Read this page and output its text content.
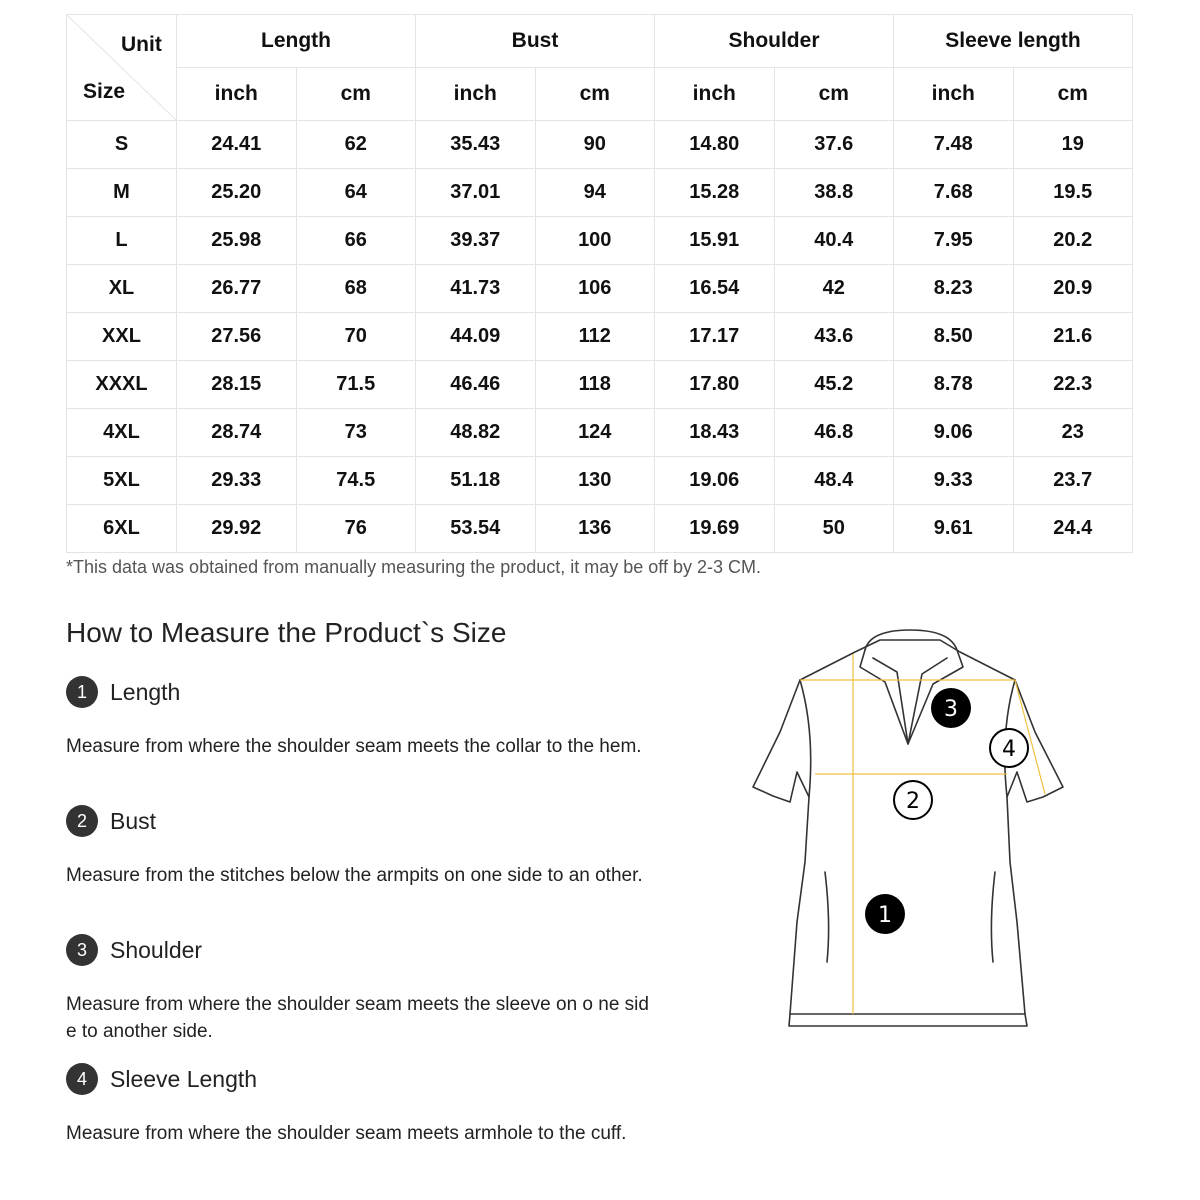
Unit
Size	Length		Bust		Shoulder		Sleeve length	
	inch	cm	inch	cm	inch	cm	inch	cm
S	24.41	62	35.43	90	14.80	37.6	7.48	19
M	25.20	64	37.01	94	15.28	38.8	7.68	19.5
L	25.98	66	39.37	100	15.91	40.4	7.95	20.2
XL	26.77	68	41.73	106	16.54	42	8.23	20.9
XXL	27.56	70	44.09	112	17.17	43.6	8.50	21.6
XXXL	28.15	71.5	46.46	118	17.80	45.2	8.78	22.3
4XL	28.74	73	48.82	124	18.43	46.8	9.06	23
5XL	29.33	74.5	51.18	130	19.06	48.4	9.33	23.7
6XL	29.92	76	53.54	136	19.69	50	9.61	24.4
*This data was obtained from manually measuring the product, it may be off by 2-3 CM.
How to Measure the Product`s Size
1	Length
Measure from where the shoulder seam meets the collar to the hem.
2	Bust
Measure from the stitches below the armpits on one side to an other.
3	Shoulder
Measure from where the shoulder seam meets the sleeve on o ne side to another side.
4	Sleeve Length
Measure from where the shoulder seam meets armhole to the cuff.
1
2
3
4
